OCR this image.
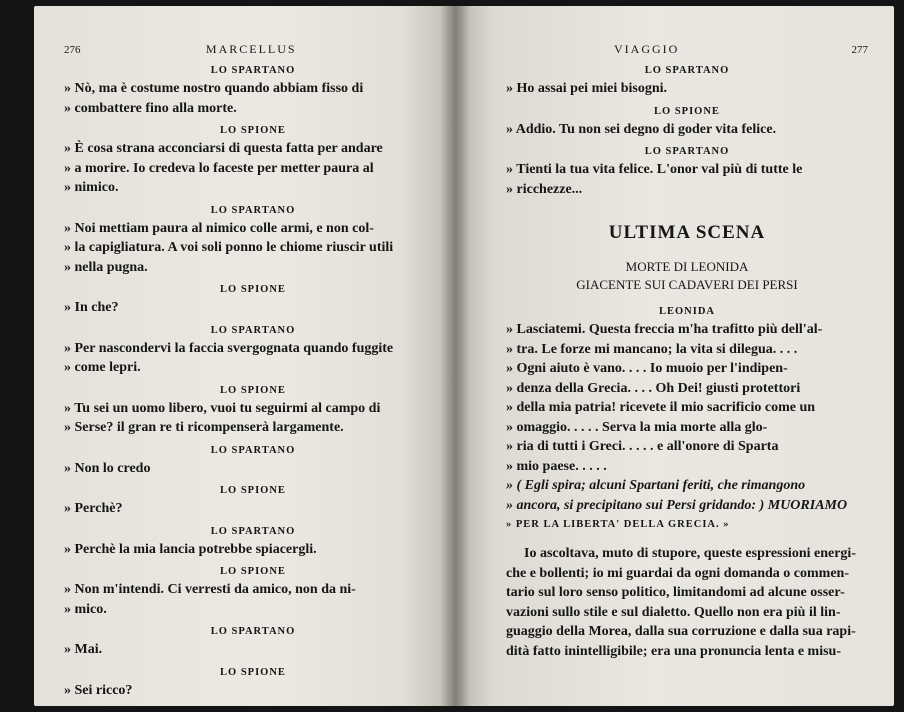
276	MARCELLUS

LO SPARTANO

» Nò, ma è costume nostro quando abbiam fisso di

» combattere fino alla morte.

LO SPIONE

» È cosa strana acconciarsi di questa fatta per andare

» a morire. Io credeva lo faceste per metter paura al

» nimico.

LO SPARTANO

» Noi mettiam paura al nimico colle armi, e non col-

» la capigliatura. A voi soli ponno le chiome riuscir utili

» nella pugna.

LO SPIONE

» In che?

LO SPARTANO

» Per nascondervi la faccia svergognata quando fuggite

» come lepri.

LO SPIONE

» Tu sei un uomo libero, vuoi tu seguirmi al campo di

» Serse? il gran re ti ricompenserà largamente.

LO SPARTANO

» Non lo credo

LO SPIONE

» Perchè?

LO SPARTANO

» Perchè la mia lancia potrebbe spiacergli.

LO SPIONE

» Non m'intendi. Ci verresti da amico, non da ni-

» mico.

LO SPARTANO

» Mai.

LO SPIONE

» Sei ricco?

VIAGGIO	277

LO SPARTANO

» Ho assai pei miei bisogni.

LO SPIONE

» Addio. Tu non sei degno di goder vita felice.

LO SPARTANO

» Tienti la tua vita felice. L'onor val più di tutte le

» ricchezze...

ULTIMA SCENA

MORTE DI LEONIDA

GIACENTE SUI CADAVERI DEI PERSI

LEONIDA

» Lasciatemi. Questa freccia m'ha trafitto più dell'al-

» tra. Le forze mi mancano; la vita si dilegua. . . .

» Ogni aiuto è vano. . . . Io muoio per l'indipen-

» denza della Grecia. . . . Oh Dei! giusti protettori

» della mia patria! ricevete il mio sacrificio come un

» omaggio. . . . . Serva la mia morte alla glo-

» ria di tutti i Greci. . . . . e all'onore di Sparta

» mio paese. . . . .

» ( Egli spira; alcuni Spartani feriti, che rimangono

» ancora, si precipitano sui Persi gridando: ) MUORIAMO

» PER LA LIBERTA' DELLA GRECIA. »

Io ascoltava, muto di stupore, queste espressioni energi-

che e bollenti; io mi guardai da ogni domanda o commen-

tario sul loro senso politico, limitandomi ad alcune osser-

vazioni sullo stile e sul dialetto. Quello non era più il lin-

guaggio della Morea, dalla sua corruzione e dalla sua rapi-

dità fatto inintelligibile; era una pronuncia lenta e misu-
